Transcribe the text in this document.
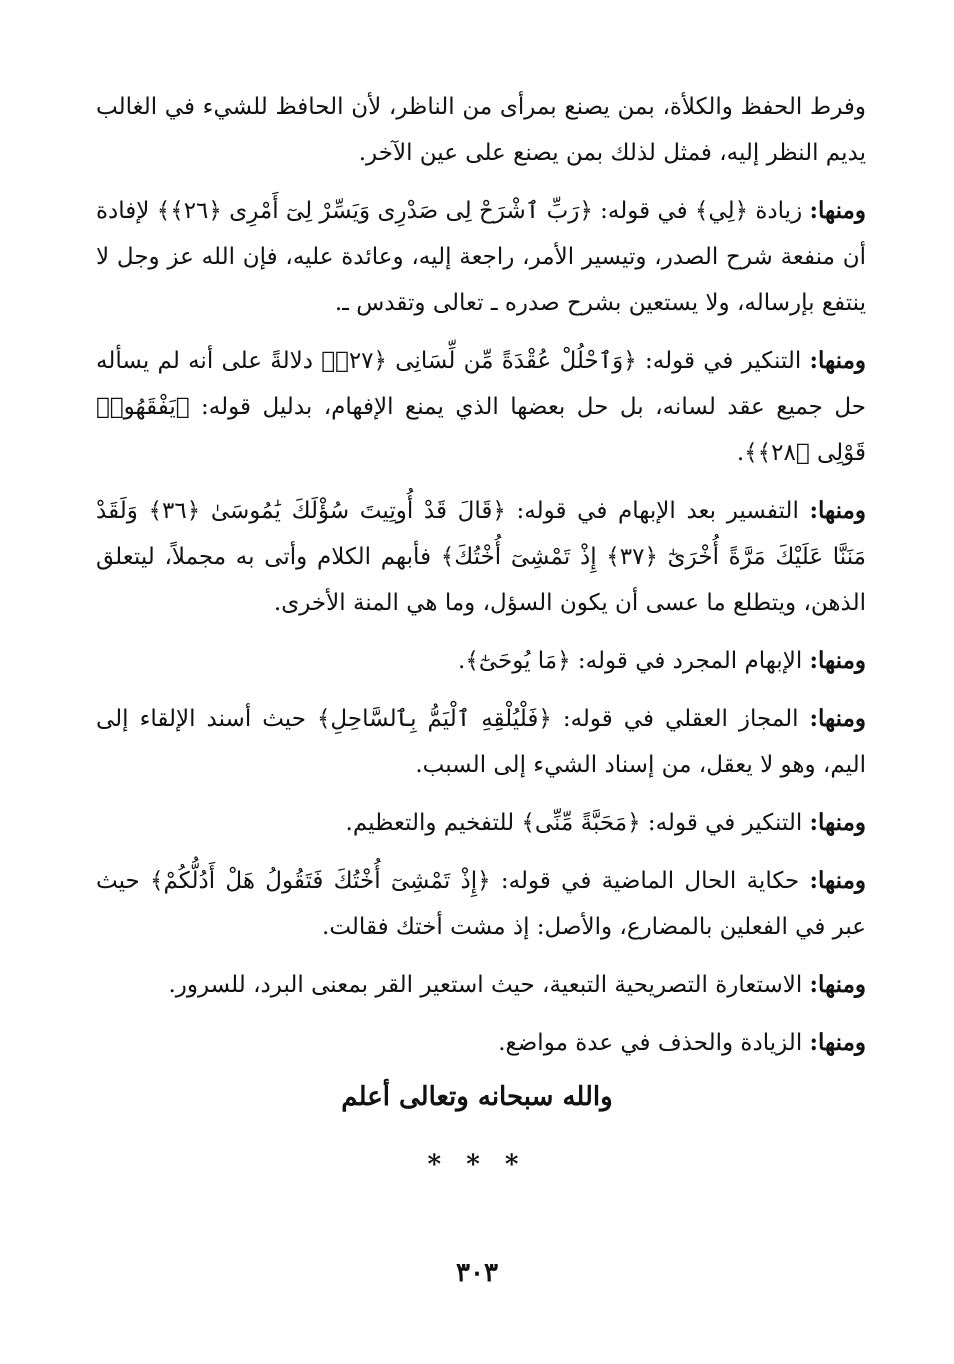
وفرط الحفظ والكلأة، بمن يصنع بمرأى من الناظر، لأن الحافظ للشيء في الغالب يديم النظر إليه، فمثل لذلك بمن يصنع على عين الآخر.

ومنها: زيادة ﴿لِي﴾ في قوله: ﴿رَبِّ ٱشْرَحْ لِى صَدْرِى وَيَسِّرْ لِىٓ أَمْرِى ﴿٢٦﴾﴾ لإفادة أن منفعة شرح الصدر، وتيسير الأمر، راجعة إليه، وعائدة عليه، فإن الله عز وجل لا ينتفع بإرساله، ولا يستعين بشرح صدره ـ تعالى وتقدس ـ.

ومنها: التنكير في قوله: ﴿وَٱحْلُلْ عُقْدَةً مِّن لِّسَانِى ﴿٢٧﴾﴾ دلالةً على أنه لم يسأله حل جميع عقد لسانه، بل حل بعضها الذي يمنع الإفهام، بدليل قوله: ﴿يَفْقَهُوا۟ قَوْلِى ﴿٢٨﴾﴾.

ومنها: التفسير بعد الإبهام في قوله: ﴿قَالَ قَدْ أُوتِيتَ سُؤْلَكَ يَٰمُوسَىٰ ﴿٣٦﴾ وَلَقَدْ مَنَنَّا عَلَيْكَ مَرَّةً أُخْرَىٰٓ ﴿٣٧﴾ إِذْ تَمْشِىٓ أُخْتُكَ﴾ فأبهم الكلام وأتى به مجملاً، ليتعلق الذهن، ويتطلع ما عسى أن يكون السؤل، وما هي المنة الأخرى.

ومنها: الإبهام المجرد في قوله: ﴿مَا يُوحَىٰٓ﴾.

ومنها: المجاز العقلي في قوله: ﴿فَلْيُلْقِهِ ٱلْيَمُّ بِٱلسَّاحِلِ﴾ حيث أسند الإلقاء إلى اليم، وهو لا يعقل، من إسناد الشيء إلى السبب.

ومنها: التنكير في قوله: ﴿مَحَبَّةً مِّنِّى﴾ للتفخيم والتعظيم.

ومنها: حكاية الحال الماضية في قوله: ﴿إِذْ تَمْشِىٓ أُخْتُكَ فَتَقُولُ هَلْ أَدُلُّكُمْ﴾ حيث عبر في الفعلين بالمضارع، والأصل: إذ مشت أختك فقالت.

ومنها: الاستعارة التصريحية التبعية، حيث استعير القر بمعنى البرد، للسرور.

ومنها: الزيادة والحذف في عدة مواضع.

والله سبحانه وتعالى أعلم
* * *
٣٠٣
